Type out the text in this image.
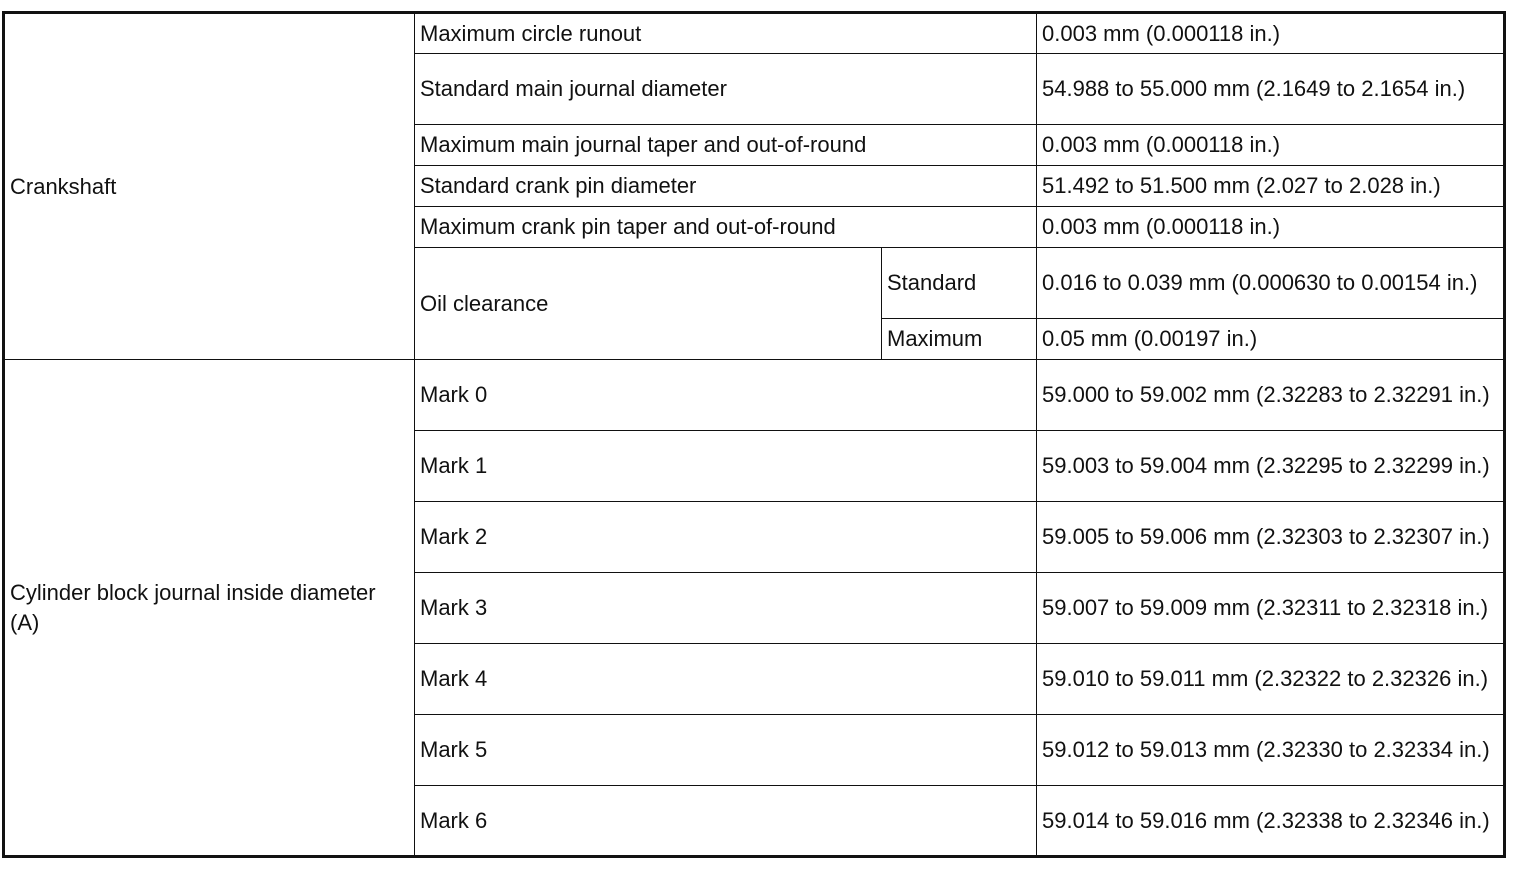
Crankshaft	Maximum circle runout		0.003 mm (0.000118 in.)
	Standard main journal diameter		54.988 to 55.000 mm (2.1649 to 2.1654 in.)
	Maximum main journal taper and out-of-round		0.003 mm (0.000118 in.)
	Standard crank pin diameter		51.492 to 51.500 mm (2.027 to 2.028 in.)
	Maximum crank pin taper and out-of-round		0.003 mm (0.000118 in.)
	Oil clearance	Standard	0.016 to 0.039 mm (0.000630 to 0.00154 in.)
		Maximum	0.05 mm (0.00197 in.)
Cylinder block journal inside diameter (A)	Mark 0		59.000 to 59.002 mm (2.32283 to 2.32291 in.)
	Mark 1		59.003 to 59.004 mm (2.32295 to 2.32299 in.)
	Mark 2		59.005 to 59.006 mm (2.32303 to 2.32307 in.)
	Mark 3		59.007 to 59.009 mm (2.32311 to 2.32318 in.)
	Mark 4		59.010 to 59.011 mm (2.32322 to 2.32326 in.)
	Mark 5		59.012 to 59.013 mm (2.32330 to 2.32334 in.)
	Mark 6		59.014 to 59.016 mm (2.32338 to 2.32346 in.)
